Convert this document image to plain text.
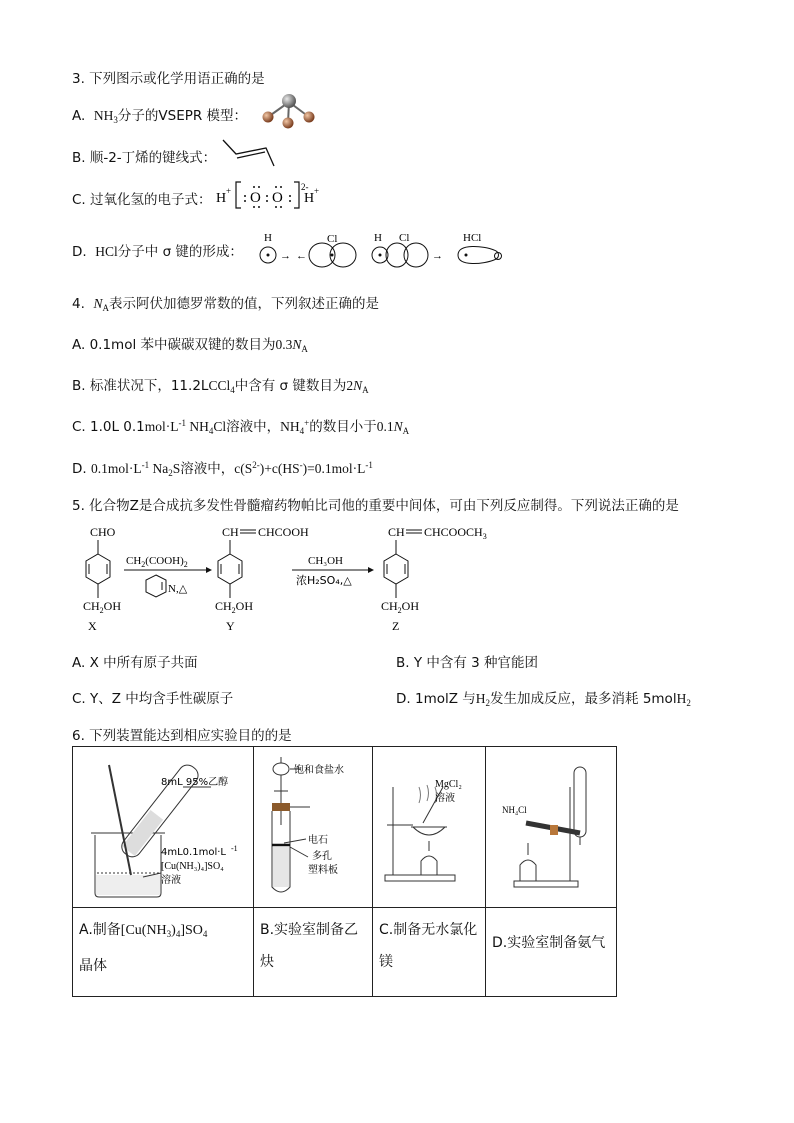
3. 下列图示或化学用语正确的是
A. $NH_3$分子的VSEPR 模型：
B. 顺-2-丁烯的键线式：
C. 过氧化氢的电子式： H + O O
2-
H +
D. HCl分子中 σ 键的形成：
H
→ ←
Cl	H Cl
→
HCl
4.  $N_A$表示阿伏加德罗常数的值，下列叙述正确的是
A. 0.1mol 苯中碳碳双键的数目为$0.3N_A$
B. 标准状况下，11.2LCCl$_4$中含有 σ 键数目为$2N_A$
C. 1.0L $0.1mol\cdot L^{-1}$ $NH_4Cl$溶液中，$NH_4^+$的数目小于$0.1N_A$
D. $0.1mol\cdot L^{-1}$ $Na_2S$溶液中，$c(S^{2-})+c(HS^-)=0.1mol\cdot L^{-1}$
5. 化合物Z是合成抗多发性骨髓瘤药物帕比司他的重要中间体，可由下列反应制得。下列说法正确的是
CHO
$CH_2OH$
X
$CH_2(COOH)_2$
N,△
CH CHCOOH
$CH_2OH$
Y
CH₃OH
浓H₂SO₄,△
CH $CHCOOCH_3$
$CH_2OH$
Z
A. X 中所有原子共面	B. Y 中含有 3 种官能团
C. Y、Z 中均含手性碳原子	D. 1molZ 与$H_2$发生加成反应，最多消耗 5molH$_2$
6. 下列装置能达到相应实验目的的是
8mL 95%乙醇
4mL0.1mol·L -1
[Cu(NH₃)₄]SO₄
溶液	饱和食盐水
电石
多孔
塑料板	MgCl₂
溶液	NH₄Cl

A.制备$[Cu(NH_3)_4]SO_4$
晶体	B.实验室制备乙炔	C.制备无水氯化镁	D.实验室制备氨气
